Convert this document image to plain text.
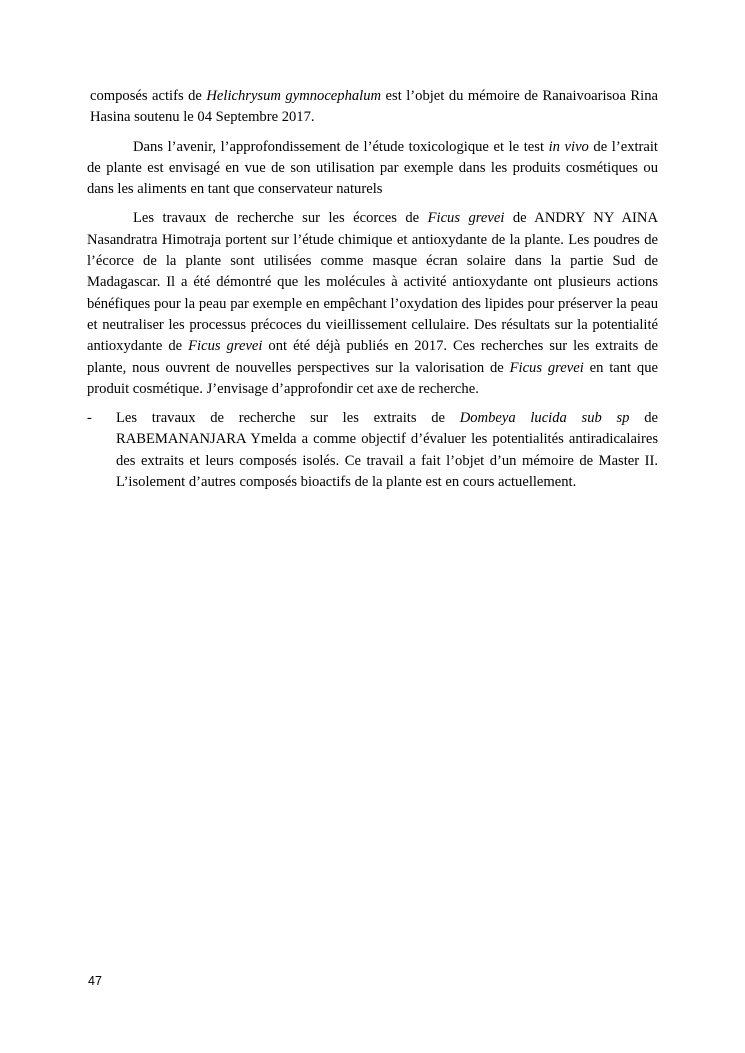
composés actifs de Helichrysum gymnocephalum est l’objet du mémoire de Ranaivoarisoa Rina Hasina soutenu le 04 Septembre 2017.

Dans l’avenir, l’approfondissement de l’étude toxicologique et le test in vivo de l’extrait de plante est envisagé en vue de son utilisation par exemple dans les produits cosmétiques ou dans les aliments en tant que conservateur naturels

Les travaux de recherche sur les écorces de Ficus grevei de ANDRY NY AINA Nasandratra Himotraja portent sur l’étude chimique et antioxydante de la plante. Les poudres de l’écorce de la plante sont utilisées comme masque écran solaire dans la partie Sud de Madagascar. Il a été démontré que les molécules à activité antioxydante ont plusieurs actions bénéfiques pour la peau par exemple en empêchant l’oxydation des lipides pour préserver la peau et neutraliser les processus précoces du vieillissement cellulaire. Des résultats sur la potentialité antioxydante de Ficus grevei ont été déjà publiés en 2017. Ces recherches sur les extraits de plante, nous ouvrent de nouvelles perspectives sur la valorisation de Ficus grevei en tant que produit cosmétique. J’envisage d’approfondir cet axe de recherche.

-	Les travaux de recherche sur les extraits de Dombeya lucida sub sp de RABEMANANJARA Ymelda a comme objectif d’évaluer les potentialités antiradicalaires des extraits et leurs composés isolés. Ce travail a fait l’objet d’un mémoire de Master II. L’isolement d’autres composés bioactifs de la plante est en cours actuellement.

47
